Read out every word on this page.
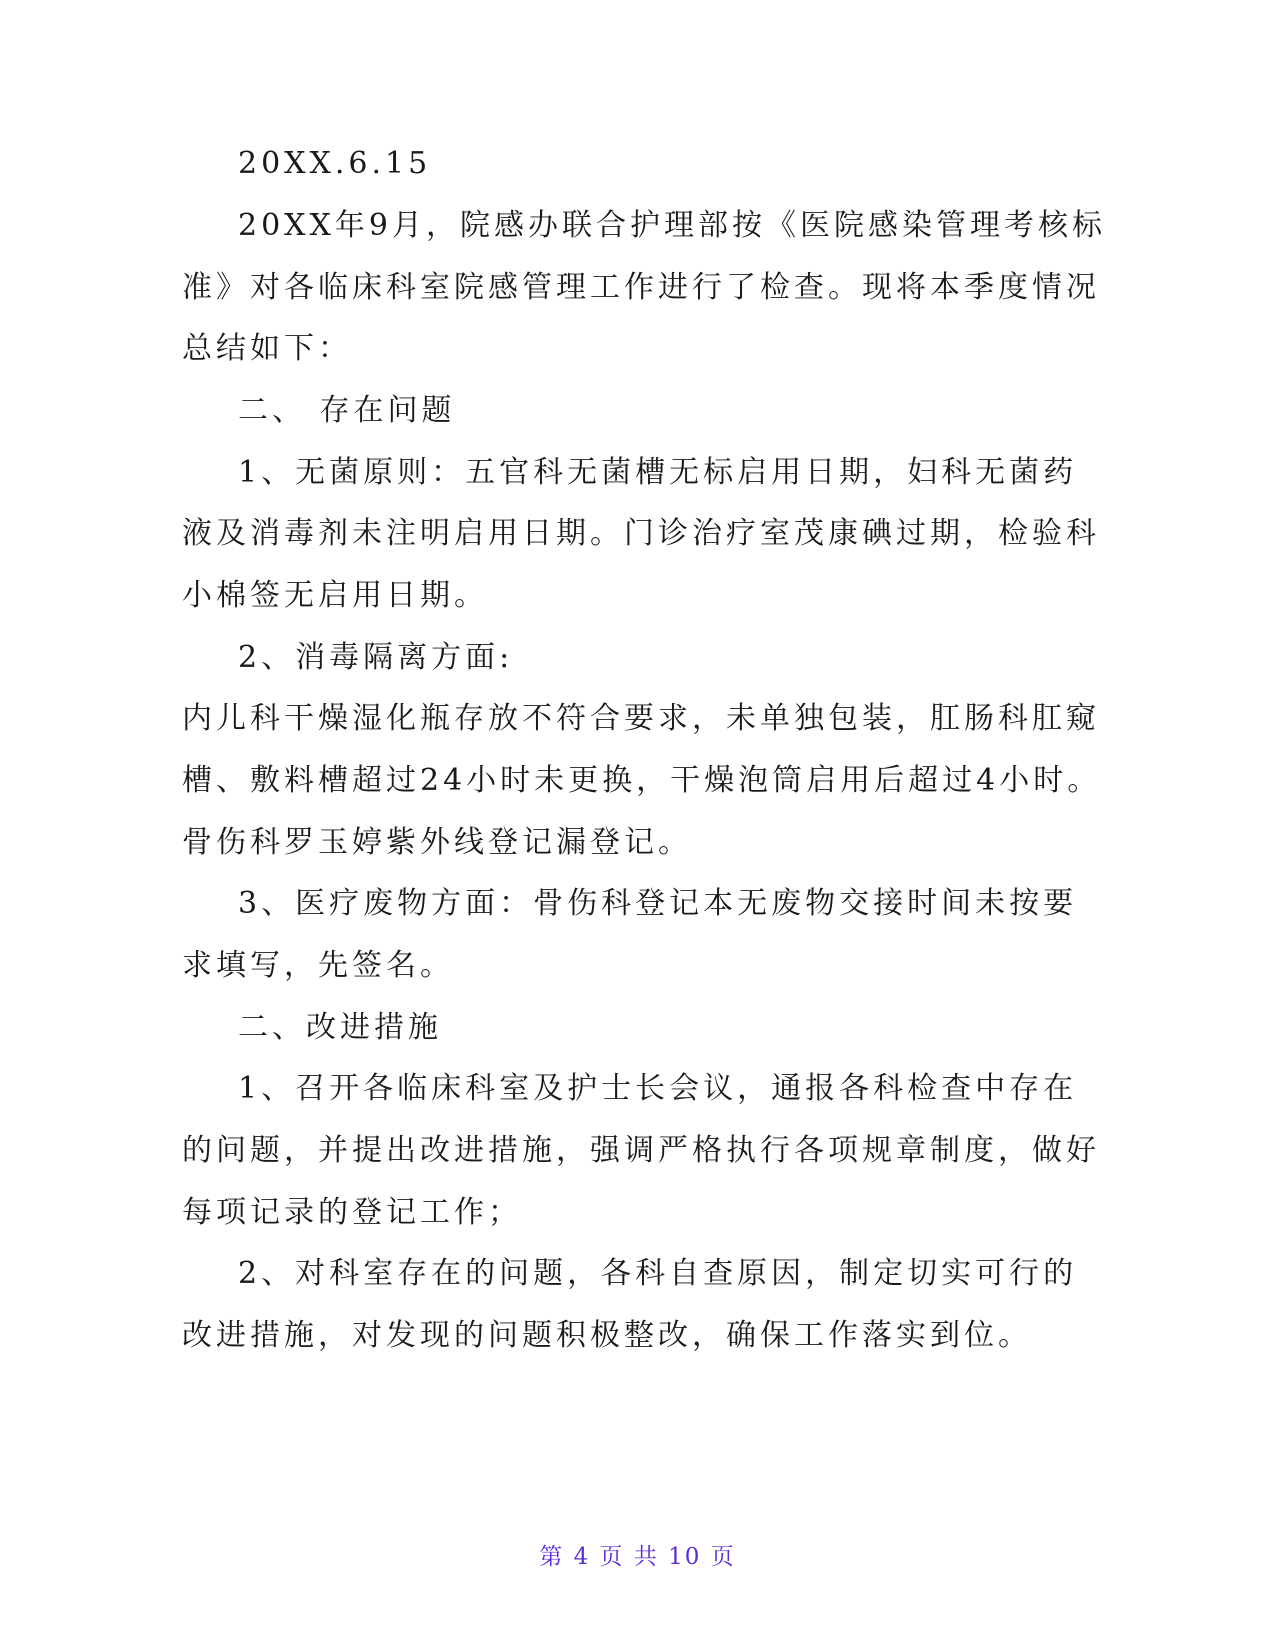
20XX.6.15
20XX年9月，院感办联合护理部按《医院感染管理考核标
准》对各临床科室院感管理工作进行了检查。现将本季度情况
总结如下：
二、 存在问题
1、无菌原则：五官科无菌槽无标启用日期，妇科无菌药
液及消毒剂未注明启用日期。门诊治疗室茂康碘过期，检验科
小棉签无启用日期。
2、消毒隔离方面:
内儿科干燥湿化瓶存放不符合要求，未单独包装，肛肠科肛窥
槽、敷料槽超过24小时未更换，干燥泡筒启用后超过4小时。
骨伤科罗玉婷紫外线登记漏登记。
3、医疗废物方面：骨伤科登记本无废物交接时间未按要
求填写，先签名。
二、改进措施
1、召开各临床科室及护士长会议，通报各科检查中存在
的问题，并提出改进措施，强调严格执行各项规章制度，做好
每项记录的登记工作；
2、对科室存在的问题，各科自查原因，制定切实可行的
改进措施，对发现的问题积极整改，确保工作落实到位。
第 4 页 共 10 页
